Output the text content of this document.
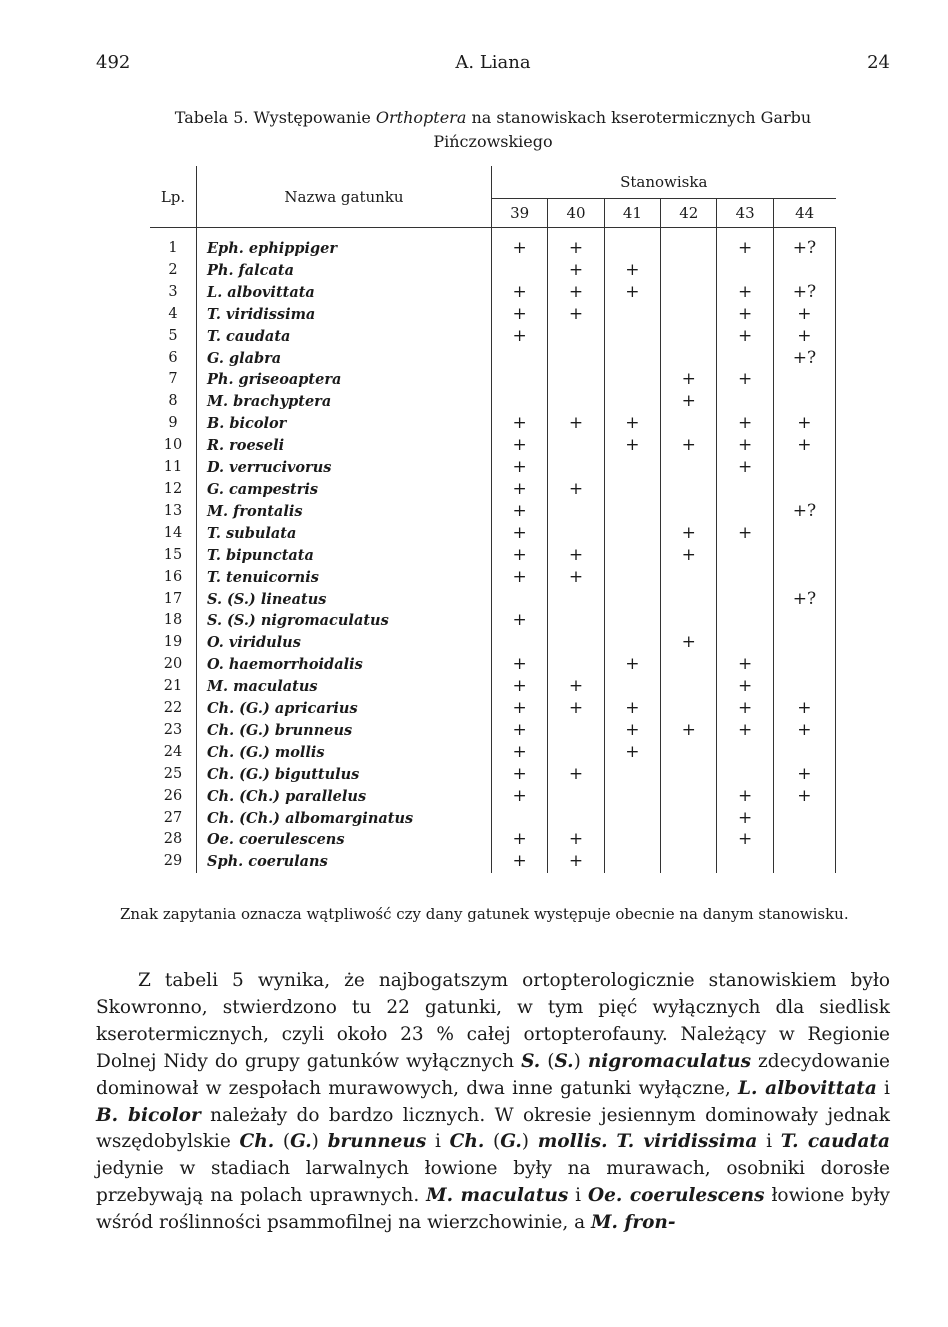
492	A. Liana	24
Tabela 5. Występowanie Orthoptera na stanowiskach kserotermicznych Garbu
Pińczowskiego
Lp.	Nazwa gatunku	Stanowiska					
		39	40	41	42	43	44

1	Eph. ephippiger	+	+			+	+?
2	Ph. falcata		+	+			
3	L. albovittata	+	+	+		+	+?
4	T. viridissima	+	+			+	+
5	T. caudata	+				+	+
6	G. glabra						+?
7	Ph. griseoaptera				+	+	
8	M. brachyptera				+		
9	B. bicolor	+	+	+		+	+
10	R. roeseli	+		+	+	+	+
11	D. verrucivorus	+				+	
12	G. campestris	+	+				
13	M. frontalis	+					+?
14	T. subulata	+			+	+	
15	T. bipunctata	+	+		+		
16	T. tenuicornis	+	+				
17	S. (S.) lineatus						+?
18	S. (S.) nigromaculatus	+					
19	O. viridulus				+		
20	O. haemorrhoidalis	+		+		+	
21	M. maculatus	+	+			+	
22	Ch. (G.) apricarius	+	+	+		+	+
23	Ch. (G.) brunneus	+		+	+	+	+
24	Ch. (G.) mollis	+		+			
25	Ch. (G.) biguttulus	+	+				+
26	Ch. (Ch.) parallelus	+				+	+
27	Ch. (Ch.) albomarginatus					+	
28	Oe. coerulescens	+	+			+	
29	Sph. coerulans	+	+				
Znak zapytania oznacza wątpliwość czy dany gatunek występuje obecnie na danym stanowisku.
Z tabeli 5 wynika, że najbogatszym ortopterologicznie stanowiskiem było Skowronno, stwierdzono tu 22 gatunki, w tym pięć wyłącznych dla siedlisk kserotermicznych, czyli około 23 % całej ortopterofauny. Należący w Regionie Dolnej Nidy do grupy gatunków wyłącznych S. (S.) nigromaculatus zdecydowanie dominował w zespołach murawowych, dwa inne gatunki wyłączne, L. albovittata i B. bicolor należały do bardzo licznych. W okresie jesiennym dominowały jednak wszędobylskie Ch. (G.) brunneus i Ch. (G.) mollis. T. viridissima i T. caudata jedynie w stadiach larwalnych łowione były na murawach, osobniki dorosłe przebywają na polach uprawnych. M. maculatus i Oe. coerulescens łowione były wśród roślinności psammofilnej na wierzchowinie, a M. fron-
